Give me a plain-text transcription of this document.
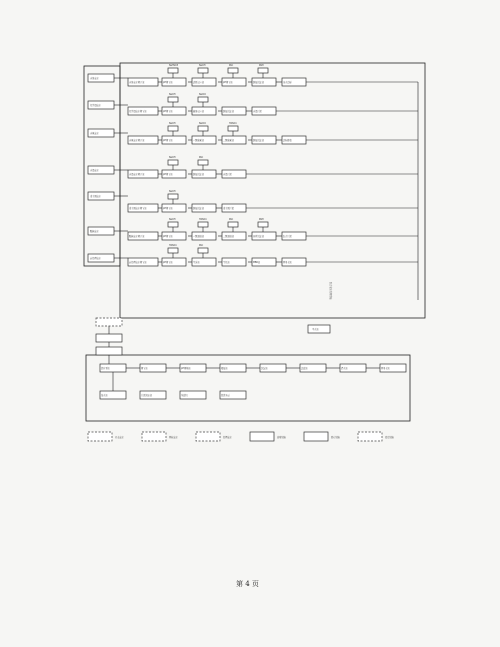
含铬废水
化学镍废水
含氰废水
含镍废水
重金属废水
酸碱废水
前处理废水
含铬废水调节池	pH调节池
NaHSO3
还原反应池
NaOH
pH调节池
PAC
混凝沉淀池
PAM
出水达标
化学镍废水调节池	pH调节池
NaOH
破络反应池
NaClO
混凝沉淀池	含镍污泥
含氰废水调节池	pH调节池
NaOH
一级破氰池
NaClO
二级破氰池
H2SO4
混凝沉淀池	达标排放
含镍废水调节池	pH调节池
NaOH
混凝沉淀池
PAC
含镍污泥
重金属废水调节池	pH调节池
NaOH
混凝沉淀池	重金属污泥
酸碱废水调节池	pH调节池
NaOH
一级混凝池
H2SO4
二级混凝池
PAC
斜管沉淀池
PAM
综合污泥
前处理废水调节池	pH调节池
H2SO4
气浮池
PAC
生化池	MBR池	回用水池
综合废水处理系统
中水池
提升泵站	调节池	pH调整池	絮凝池	沉淀池	过滤池	清水池	回用水池
浓水池	污泥浓缩池	压滤机	泥饼外运
外来废水	回收废水	处理废水	新增设施	原有设施	改造设施
第 4 页
